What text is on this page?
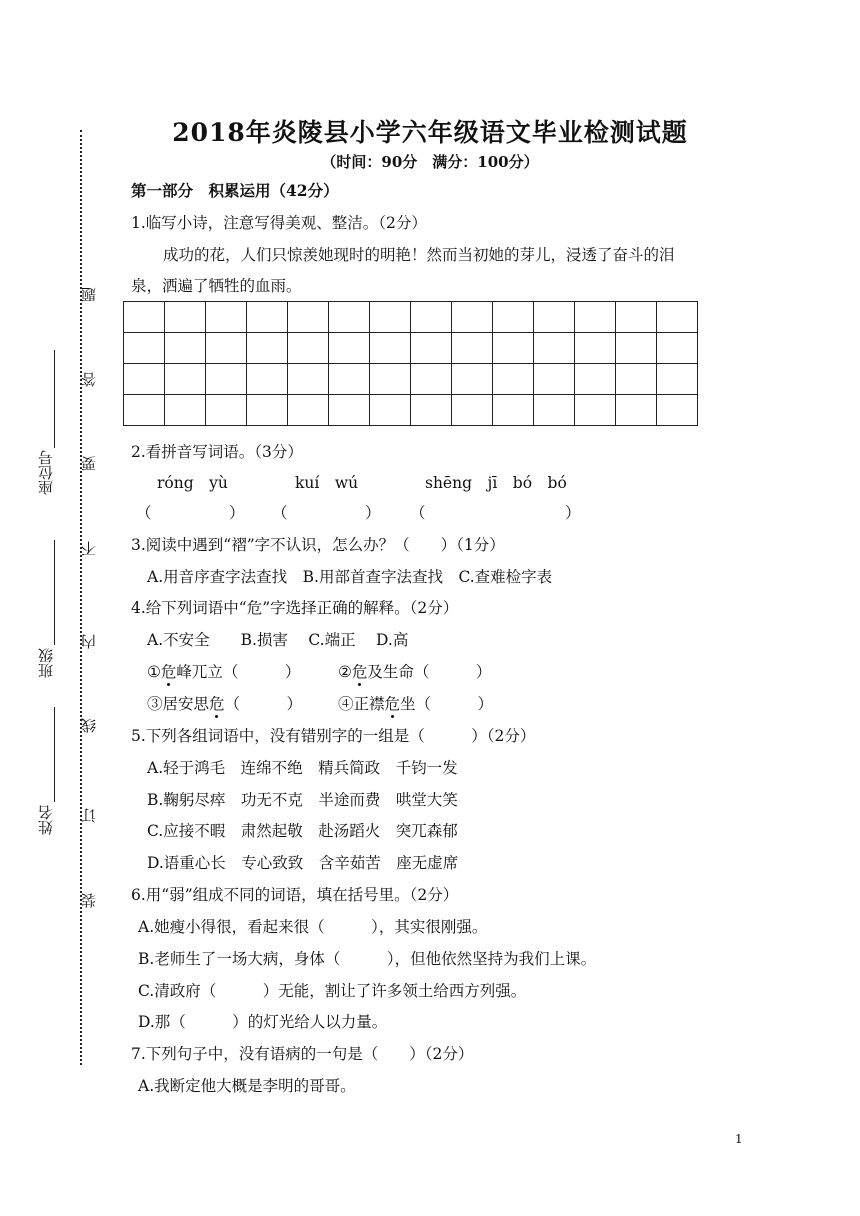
2018年炎陵县小学六年级语文毕业检测试题
（时间：90分　满分：100分）
题
答
要
不
内
线
订
装
座位号
班级
姓名
第一部分　积累运用（42分）
1.临写小诗，注意写得美观、整洁。（2分）
成功的花，人们只惊羡她现时的明艳！然而当初她的芽儿，浸透了奋斗的泪
泉，洒遍了牺牲的血雨。

2.看拼音写词语。（3分）
róng　yù	kuí　wú	shēng　jī　bó　bó
（　　　　　） （　　　　　） （　　　　　　　　　）
3.阅读中遇到“褶”字不认识，怎么办？（　　）（1分）
A.用音序查字法查找　B.用部首查字法查找　C.查难检字表
4.给下列词语中“危”字选择正确的解释。（2分）
A.不安全　　B.损害　 C.端正　 D.高
①危峰兀立（　　　） ②危及生命（　　　）
③居安思危（　　　） ④正襟危坐（　　　）
5.下列各组词语中，没有错别字的一组是（　　　）（2分）
A.轻于鸿毛　连绵不绝　精兵简政　千钧一发
B.鞠躬尽瘁　功无不克　半途而费　哄堂大笑
C.应接不暇　肃然起敬　赴汤蹈火　突兀森郁
D.语重心长　专心致致　含辛茹苦　座无虚席
6.用“弱”组成不同的词语，填在括号里。（2分）
A.她瘦小得很，看起来很（　　　），其实很刚强。
B.老师生了一场大病，身体（　　　），但他依然坚持为我们上课。
C.清政府（　　　）无能，割让了许多领土给西方列强。
D.那（　　　）的灯光给人以力量。
7.下列句子中，没有语病的一句是（　　）（2分）
A.我断定他大概是李明的哥哥。
1
